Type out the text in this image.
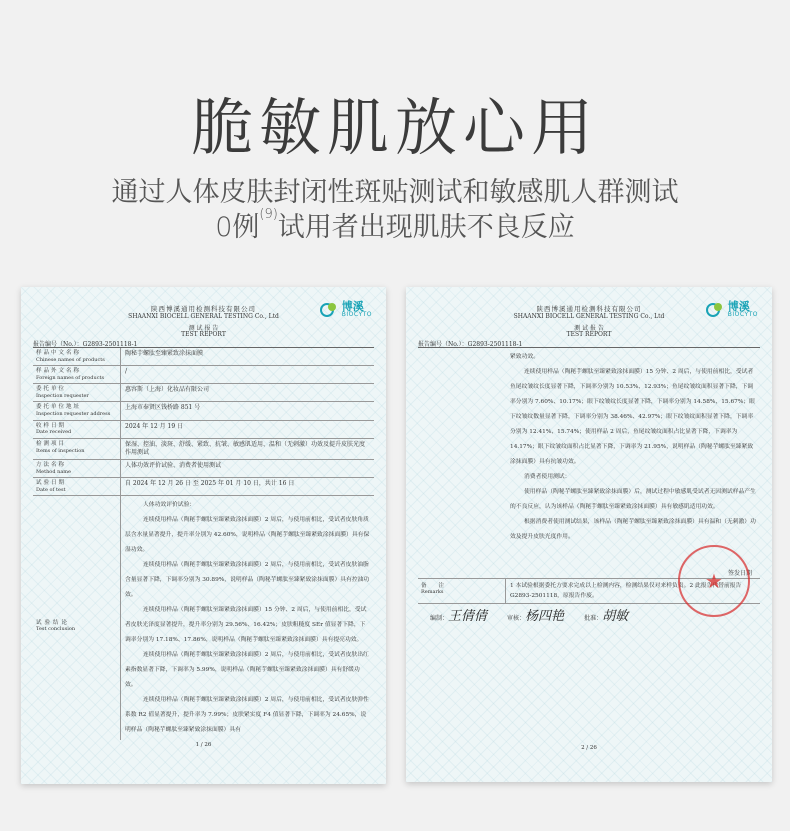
脆敏肌放心用
通过人体皮肤封闭性斑贴测试和敏感肌人群测试
0例$^{(9)}$试用者出现肌肤不良反应
陕西博溪通用检测科技有限公司
SHAANXI BIOCELL GENERAL TESTING Co., Ltd
测 试 报 告
TEST REPORT
博溪
BIOCYTO
报告编号（No.）：G2893-2501118-1
样品中文名称
Chinese names of products
陶秘芋螺肽至臻紧致涂抹面膜
样品外文名称
Foreign names of products
/
委托单位
Inspection requester
惠容斯（上海）化妆品有限公司
委托单位地址
Inspection requester address
上海市奉贤区钱桥路 851 号
收样日期
Date received
2024 年 12 月 19 日
检测项目
Items of inspection
保湿、控油、淡斑、舒缓、紧致、抗皱、敏感肌适用、温和（无刺激）功效及提升皮肤光度作用测试
方法名称
Method name
人体功效评价试验、消费者使用测试
试验日期
Date of test
自 2024 年 12 月 26 日 至 2025 年 01 月 10 日，共计 16 日
试验结论
Test conclusion

人体功效评价试验：

连续使用样品（陶秘芋螺肽至臻紧致涂抹面膜）2 周后，与使用前相比，受试者皮肤角质层含水量显著提升，提升率分别为 42.60%，说明样品（陶秘芋螺肽至臻紧致涂抹面膜）具有保湿功效。

连续使用样品（陶秘芋螺肽至臻紧致涂抹面膜）2 周后，与使用前相比，受试者皮肤油脂含量显著下降，下调率分别为 30.89%，说明样品（陶秘芋螺肽至臻紧致涂抹面膜）具有控油功效。

连续使用样品（陶秘芋螺肽至臻紧致涂抹面膜）15 分钟、2 周后，与使用前相比，受试者皮肤光泽度显著提升，提升率分别为 29.56%、16.42%；皮肤粗糙度 SEr 值显著下降，下调率分别为 17.18%、17.86%，说明样品（陶秘芋螺肽至臻紧致涂抹面膜）具有提亮功效。

连续使用样品（陶秘芋螺肽至臻紧致涂抹面膜）2 周后，与使用前相比，受试者皮肤出红素指数显著下降，下调率为 5.99%，说明样品（陶秘芋螺肽至臻紧致涂抹面膜）具有舒缓功效。

连续使用样品（陶秘芋螺肽至臻紧致涂抹面膜）2 周后，与使用前相比，受试者皮肤弹性系数 R2 值显著提升，提升率为 7.99%；皮肤紧实度 F4 值显著下降，下调率为 24.65%，说明样品（陶秘芋螺肽至臻紧致涂抹面膜）具有

1 / 26
陕西博溪通用检测科技有限公司
SHAANXI BIOCELL GENERAL TESTING Co., Ltd
测 试 报 告
TEST REPORT
博溪
BIOCYTO
报告编号（No.）：G2893-2501118-1

紧致功效。

连续使用样品（陶秘芋螺肽至臻紧致涂抹面膜）15 分钟、2 周后，与使用前相比，受试者鱼尾纹皱纹长度显著下降，下调率分别为 10.53%、12.93%；鱼尾纹皱纹面积显著下降，下调率分别为 7.60%、10.17%；眼下纹皱纹长度显著下降，下调率分别为 14.58%、15.67%；眼下纹皱纹数量显著下降，下调率分别为 38.46%、42.97%；眼下纹皱纹面积显著下降，下调率分别为 12.41%、15.74%；使用样品 2 周后，鱼尾纹皱纹面积占比显著下降，下调率为 14.17%；眼下纹皱纹面积占比显著下降，下调率为 21.95%，说明样品（陶秘芋螺肽至臻紧致涂抹面膜）具有抗皱功效。

消费者使用测试：

使用样品（陶秘芋螺肽至臻紧致涂抹面膜）后，测试过程中敏感肌受试者无因测试样品产生的不良反应，认为该样品（陶秘芋螺肽至臻紧致涂抹面膜）具有敏感肌适用功效。

根据消费者使用测试结果，该样品（陶秘芋螺肽至臻紧致涂抹面膜）具有温和（无刺激）功效及提升皮肤光度作用。

签发日期
备注
Remarks
1 本试验根据委托方要求完成以上检测内容，检测结果仅对来样负责。2 此报告代替前报告 G2893-2501118，原报告作废。
编制：王倩倩	审核：杨四艳	批准：胡敏
★
2 / 26
